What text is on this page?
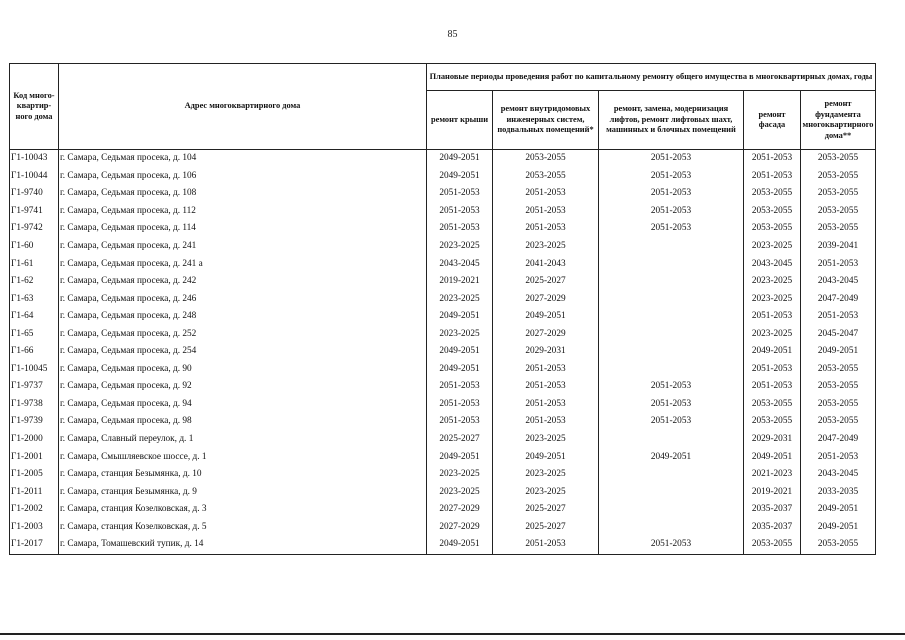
85
Код много-квартир-ного дома	Адрес многоквартирного дома	Плановые периоды проведения работ по капитальному ремонту общего имущества в многоквартирных домах, годы				
		ремонт крыши	ремонт внутридомовых инженерных систем, подвальных помещений*	ремонт, замена, модернизация лифтов, ремонт лифтовых шахт, машинных и блочных помещений	ремонт фасада	ремонт фундамента многоквартирного дома**
Г1-10043	г. Самара, Седьмая просека, д. 104	2049-2051	2053-2055	2051-2053	2051-2053	2053-2055
Г1-10044	г. Самара, Седьмая просека, д. 106	2049-2051	2053-2055	2051-2053	2051-2053	2053-2055
Г1-9740	г. Самара, Седьмая просека, д. 108	2051-2053	2051-2053	2051-2053	2053-2055	2053-2055
Г1-9741	г. Самара, Седьмая просека, д. 112	2051-2053	2051-2053	2051-2053	2053-2055	2053-2055
Г1-9742	г. Самара, Седьмая просека, д. 114	2051-2053	2051-2053	2051-2053	2053-2055	2053-2055
Г1-60	г. Самара, Седьмая просека, д. 241	2023-2025	2023-2025		2023-2025	2039-2041
Г1-61	г. Самара, Седьмая просека, д. 241 а	2043-2045	2041-2043		2043-2045	2051-2053
Г1-62	г. Самара, Седьмая просека, д. 242	2019-2021	2025-2027		2023-2025	2043-2045
Г1-63	г. Самара, Седьмая просека, д. 246	2023-2025	2027-2029		2023-2025	2047-2049
Г1-64	г. Самара, Седьмая просека, д. 248	2049-2051	2049-2051		2051-2053	2051-2053
Г1-65	г. Самара, Седьмая просека, д. 252	2023-2025	2027-2029		2023-2025	2045-2047
Г1-66	г. Самара, Седьмая просека, д. 254	2049-2051	2029-2031		2049-2051	2049-2051
Г1-10045	г. Самара, Седьмая просека, д. 90	2049-2051	2051-2053		2051-2053	2053-2055
Г1-9737	г. Самара, Седьмая просека, д. 92	2051-2053	2051-2053	2051-2053	2051-2053	2053-2055
Г1-9738	г. Самара, Седьмая просека, д. 94	2051-2053	2051-2053	2051-2053	2053-2055	2053-2055
Г1-9739	г. Самара, Седьмая просека, д. 98	2051-2053	2051-2053	2051-2053	2053-2055	2053-2055
Г1-2000	г. Самара, Славный переулок, д. 1	2025-2027	2023-2025		2029-2031	2047-2049
Г1-2001	г. Самара, Смышляевское шоссе, д. 1	2049-2051	2049-2051	2049-2051	2049-2051	2051-2053
Г1-2005	г. Самара, станция Безымянка, д. 10	2023-2025	2023-2025		2021-2023	2043-2045
Г1-2011	г. Самара, станция Безымянка, д. 9	2023-2025	2023-2025		2019-2021	2033-2035
Г1-2002	г. Самара, станция Козелковская, д. 3	2027-2029	2025-2027		2035-2037	2049-2051
Г1-2003	г. Самара, станция Козелковская, д. 5	2027-2029	2025-2027		2035-2037	2049-2051
Г1-2017	г. Самара, Томашевский тупик, д. 14	2049-2051	2051-2053	2051-2053	2053-2055	2053-2055
